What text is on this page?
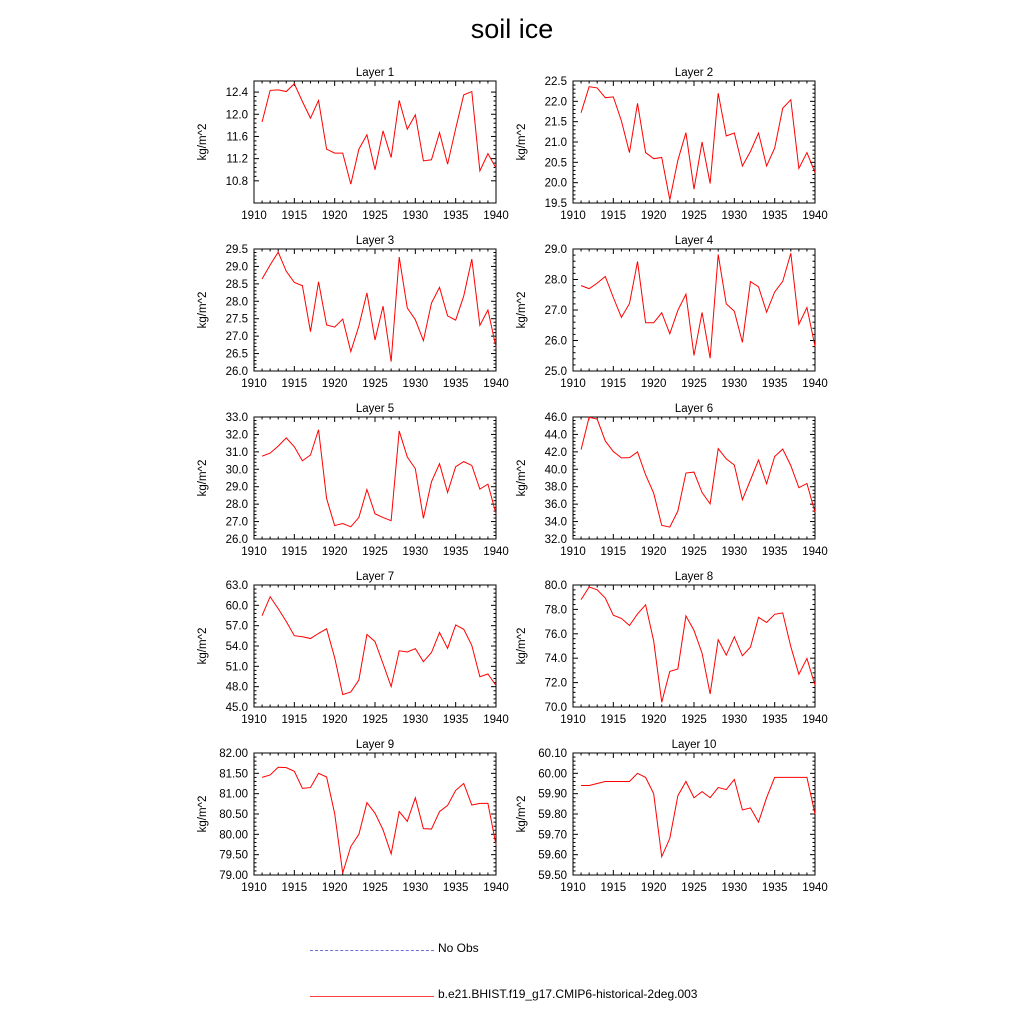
soil ice
Layer 1
kg/m^2
1910 1915 1920 1925 1930 1935 1940
12.4
12.0
11.6
11.2
10.8
Layer 2
kg/m^2
1910 1915 1920 1925 1930 1935 1940
22.5
22.0
21.5
21.0
20.5
20.0
19.5
Layer 3
kg/m^2
1910 1915 1920 1925 1930 1935 1940
29.5
29.0
28.5
28.0
27.5
27.0
26.5
26.0
Layer 4
kg/m^2
1910 1915 1920 1925 1930 1935 1940
29.0
28.0
27.0
26.0
25.0
Layer 5
kg/m^2
1910 1915 1920 1925 1930 1935 1940
33.0
32.0
31.0
30.0
29.0
28.0
27.0
26.0
Layer 6
kg/m^2
1910 1915 1920 1925 1930 1935 1940
46.0
44.0
42.0
40.0
38.0
36.0
34.0
32.0
Layer 7
kg/m^2
1910 1915 1920 1925 1930 1935 1940
63.0
60.0
57.0
54.0
51.0
48.0
45.0
Layer 8
kg/m^2
1910 1915 1920 1925 1930 1935 1940
80.0
78.0
76.0
74.0
72.0
70.0
Layer 9
kg/m^2
1910 1915 1920 1925 1930 1935 1940
82.00
81.50
81.00
80.50
80.00
79.50
79.00
Layer 10
kg/m^2
1910 1915 1920 1925 1930 1935 1940
60.10
60.00
59.90
59.80
59.70
59.60
59.50
No Obs
b.e21.BHIST.f19_g17.CMIP6-historical-2deg.003
